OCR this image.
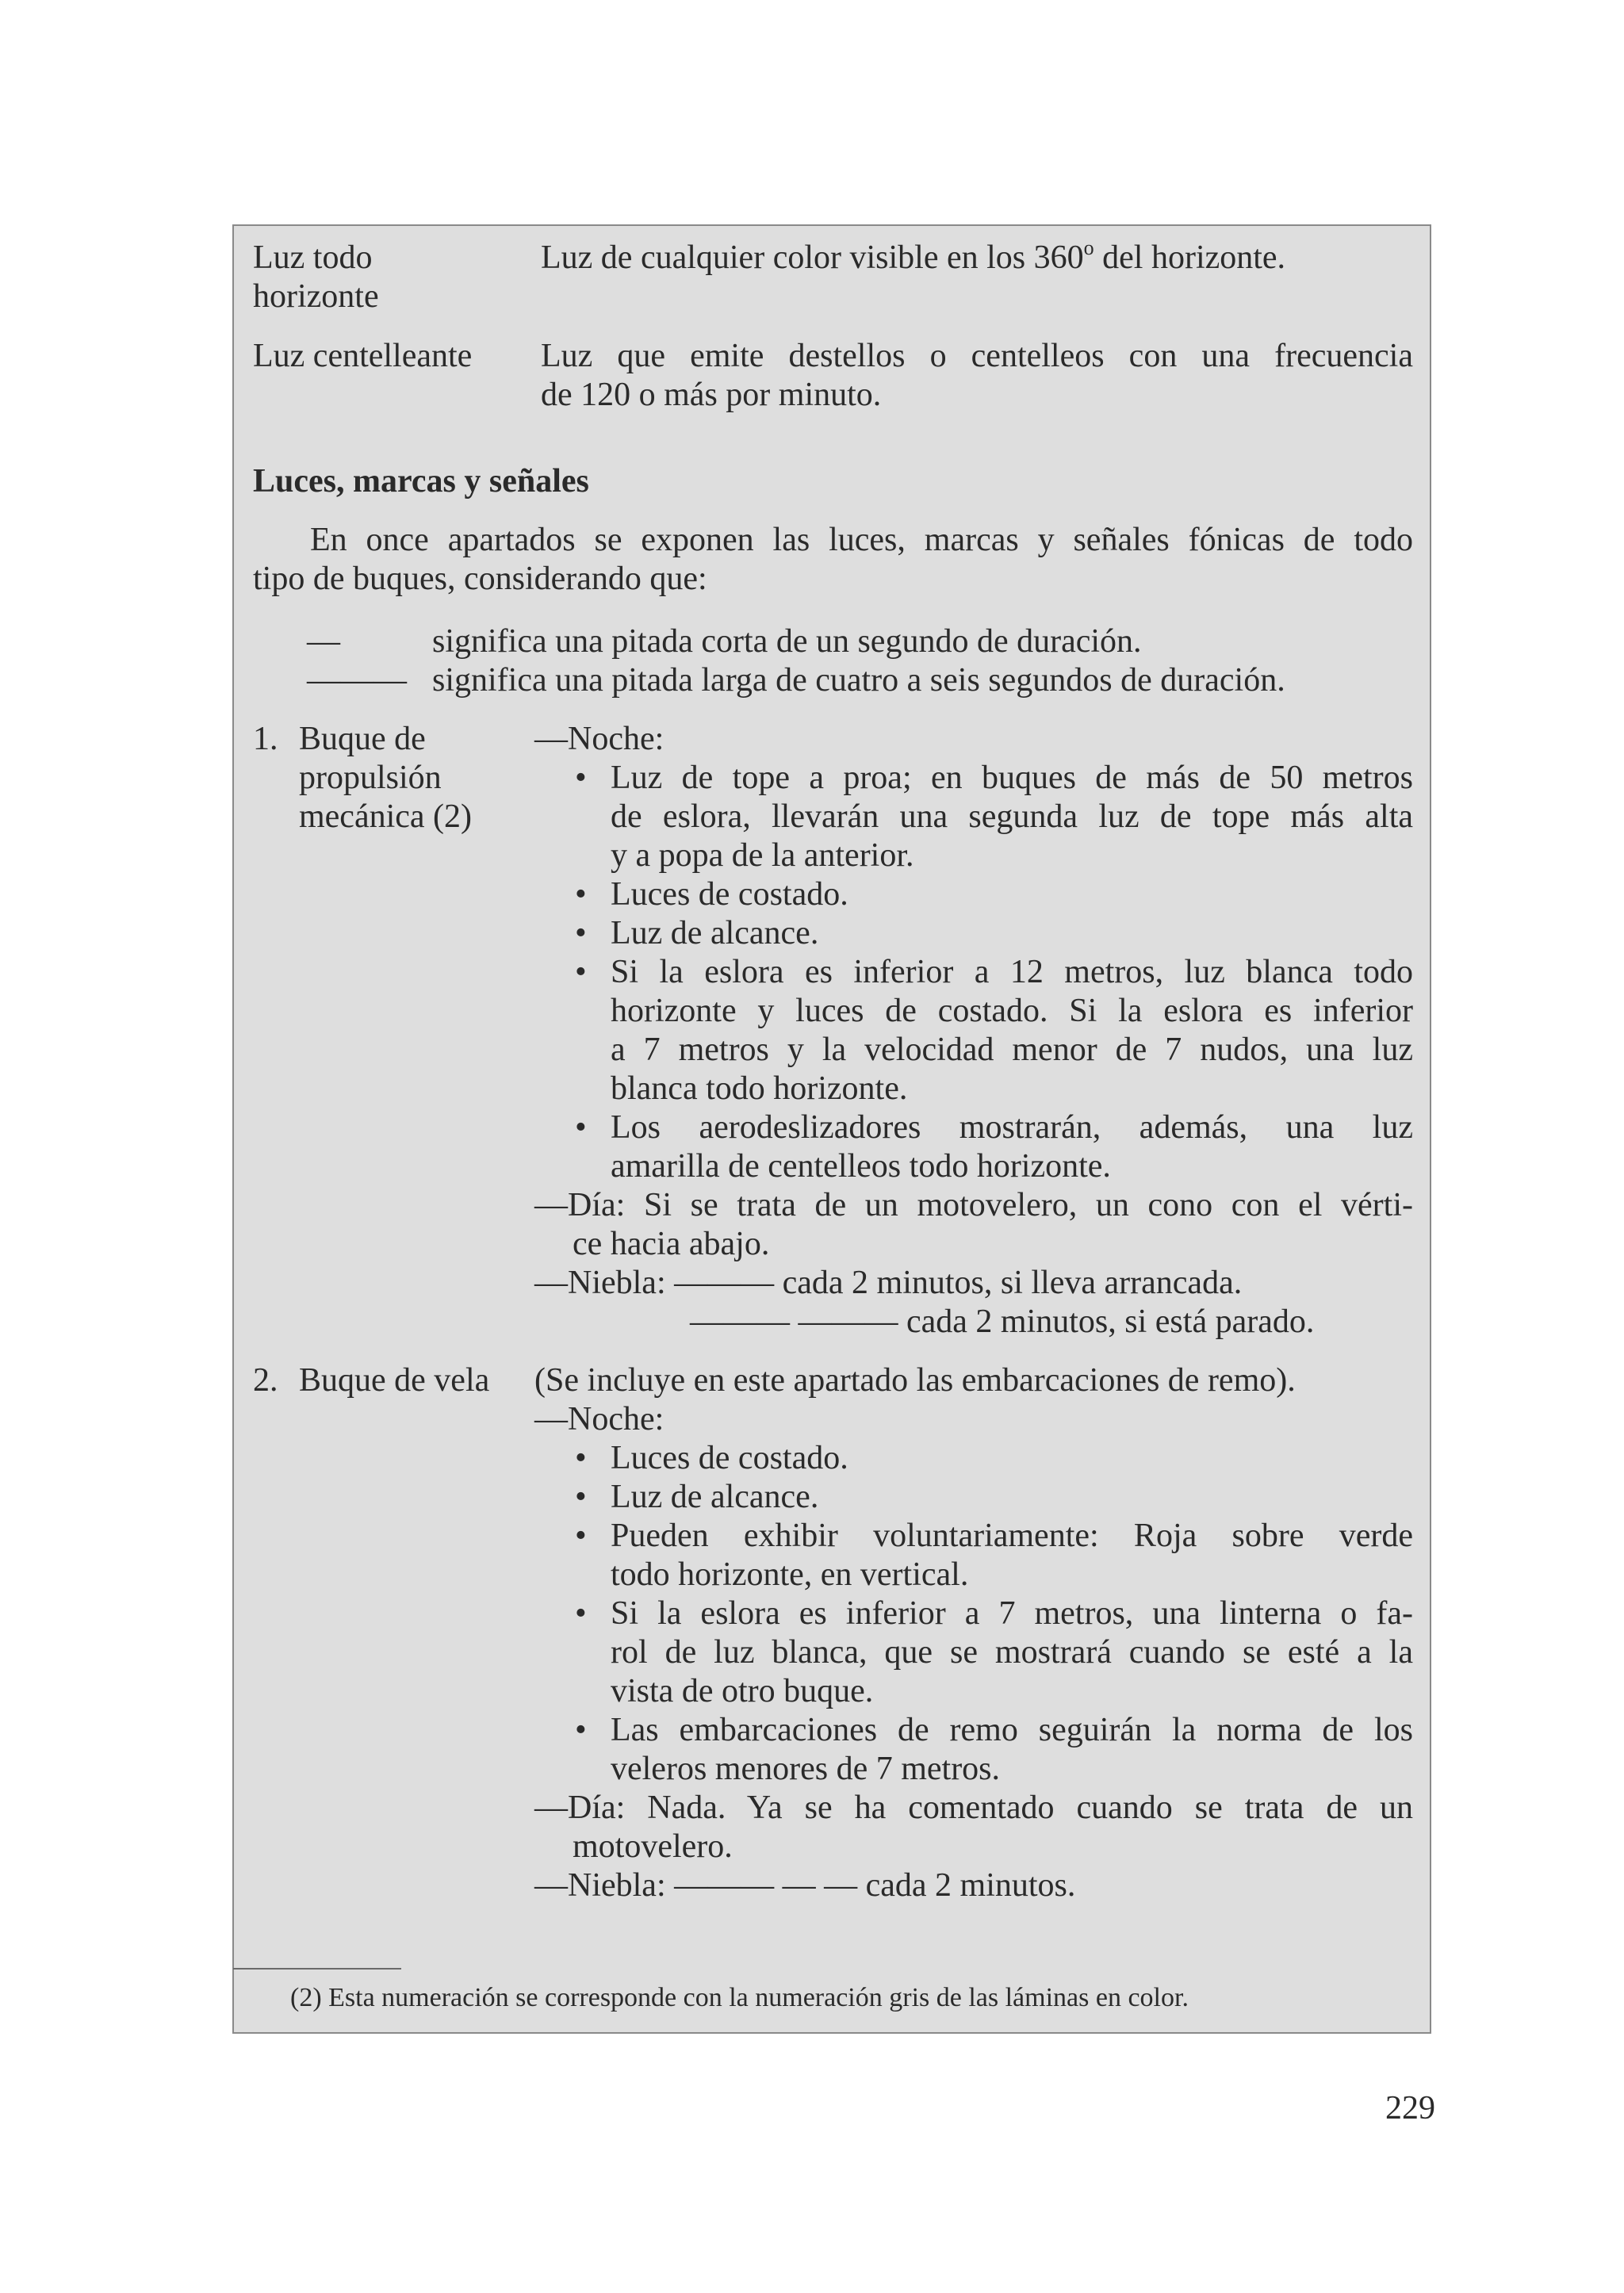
Luz todo
horizonte
Luz de cualquier color visible en los 360$^o$ del horizonte.
Luz centelleante Luz que emite destellos o centelleos con una frecuencia
de 120 o más por minuto.
Luces, marcas y señales
En once apartados se exponen las luces, marcas y señales fónicas de todo
tipo de buques, considerando que:
—	significa una pitada corta de un segundo de duración.
——— significa una pitada larga de cuatro a seis segundos de duración.
1. Buque de
propulsión
mecánica (2)
—Noche:
• Luz de tope a proa; en buques de más de 50 metros
de eslora, llevarán una segunda luz de tope más alta
y a popa de la anterior.
• Luces de costado.
• Luz de alcance.
• Si la eslora es inferior a 12 metros, luz blanca todo
horizonte y luces de costado. Si la eslora es inferior
a 7 metros y la velocidad menor de 7 nudos, una luz
blanca todo horizonte.
• Los aerodeslizadores mostrarán, además, una luz
amarilla de centelleos todo horizonte.
—Día: Si se trata de un motovelero, un cono con el vérti-
ce hacia abajo.
—Niebla: ——— cada 2 minutos, si lleva arrancada.
——— ——— cada 2 minutos, si está parado.
2. Buque de vela (Se incluye en este apartado las embarcaciones de remo).
—Noche:
• Luces de costado.
• Luz de alcance.
• Pueden exhibir voluntariamente: Roja sobre verde
todo horizonte, en vertical.
• Si la eslora es inferior a 7 metros, una linterna o fa-
rol de luz blanca, que se mostrará cuando se esté a la
vista de otro buque.
• Las embarcaciones de remo seguirán la norma de los
veleros menores de 7 metros.
—Día: Nada. Ya se ha comentado cuando se trata de un
motovelero.
—Niebla: ——— — — cada 2 minutos.
(2) Esta numeración se corresponde con la numeración gris de las láminas en color.
229
